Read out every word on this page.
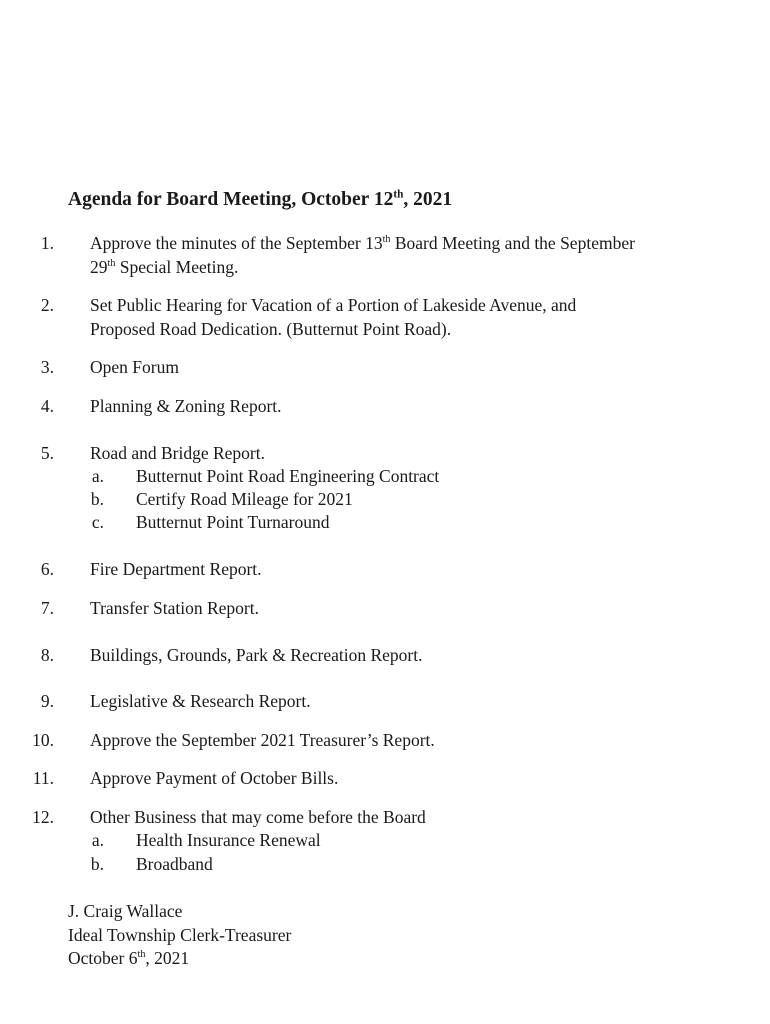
Agenda for Board Meeting, October 12th, 2021
1. Approve the minutes of the September 13th Board Meeting and the September
29th Special Meeting.
2. Set Public Hearing for Vacation of a Portion of Lakeside Avenue, and
Proposed Road Dedication. (Butternut Point Road).
3. Open Forum
4. Planning & Zoning Report.
5. Road and Bridge Report.
a. Butternut Point Road Engineering Contract
b. Certify Road Mileage for 2021
c. Butternut Point Turnaround
6. Fire Department Report.
7. Transfer Station Report.
8. Buildings, Grounds, Park & Recreation Report.
9. Legislative & Research Report.
10. Approve the September 2021 Treasurer’s Report.
11. Approve Payment of October Bills.
12. Other Business that may come before the Board
a. Health Insurance Renewal
b. Broadband
J. Craig Wallace
Ideal Township Clerk-Treasurer
October 6th, 2021
